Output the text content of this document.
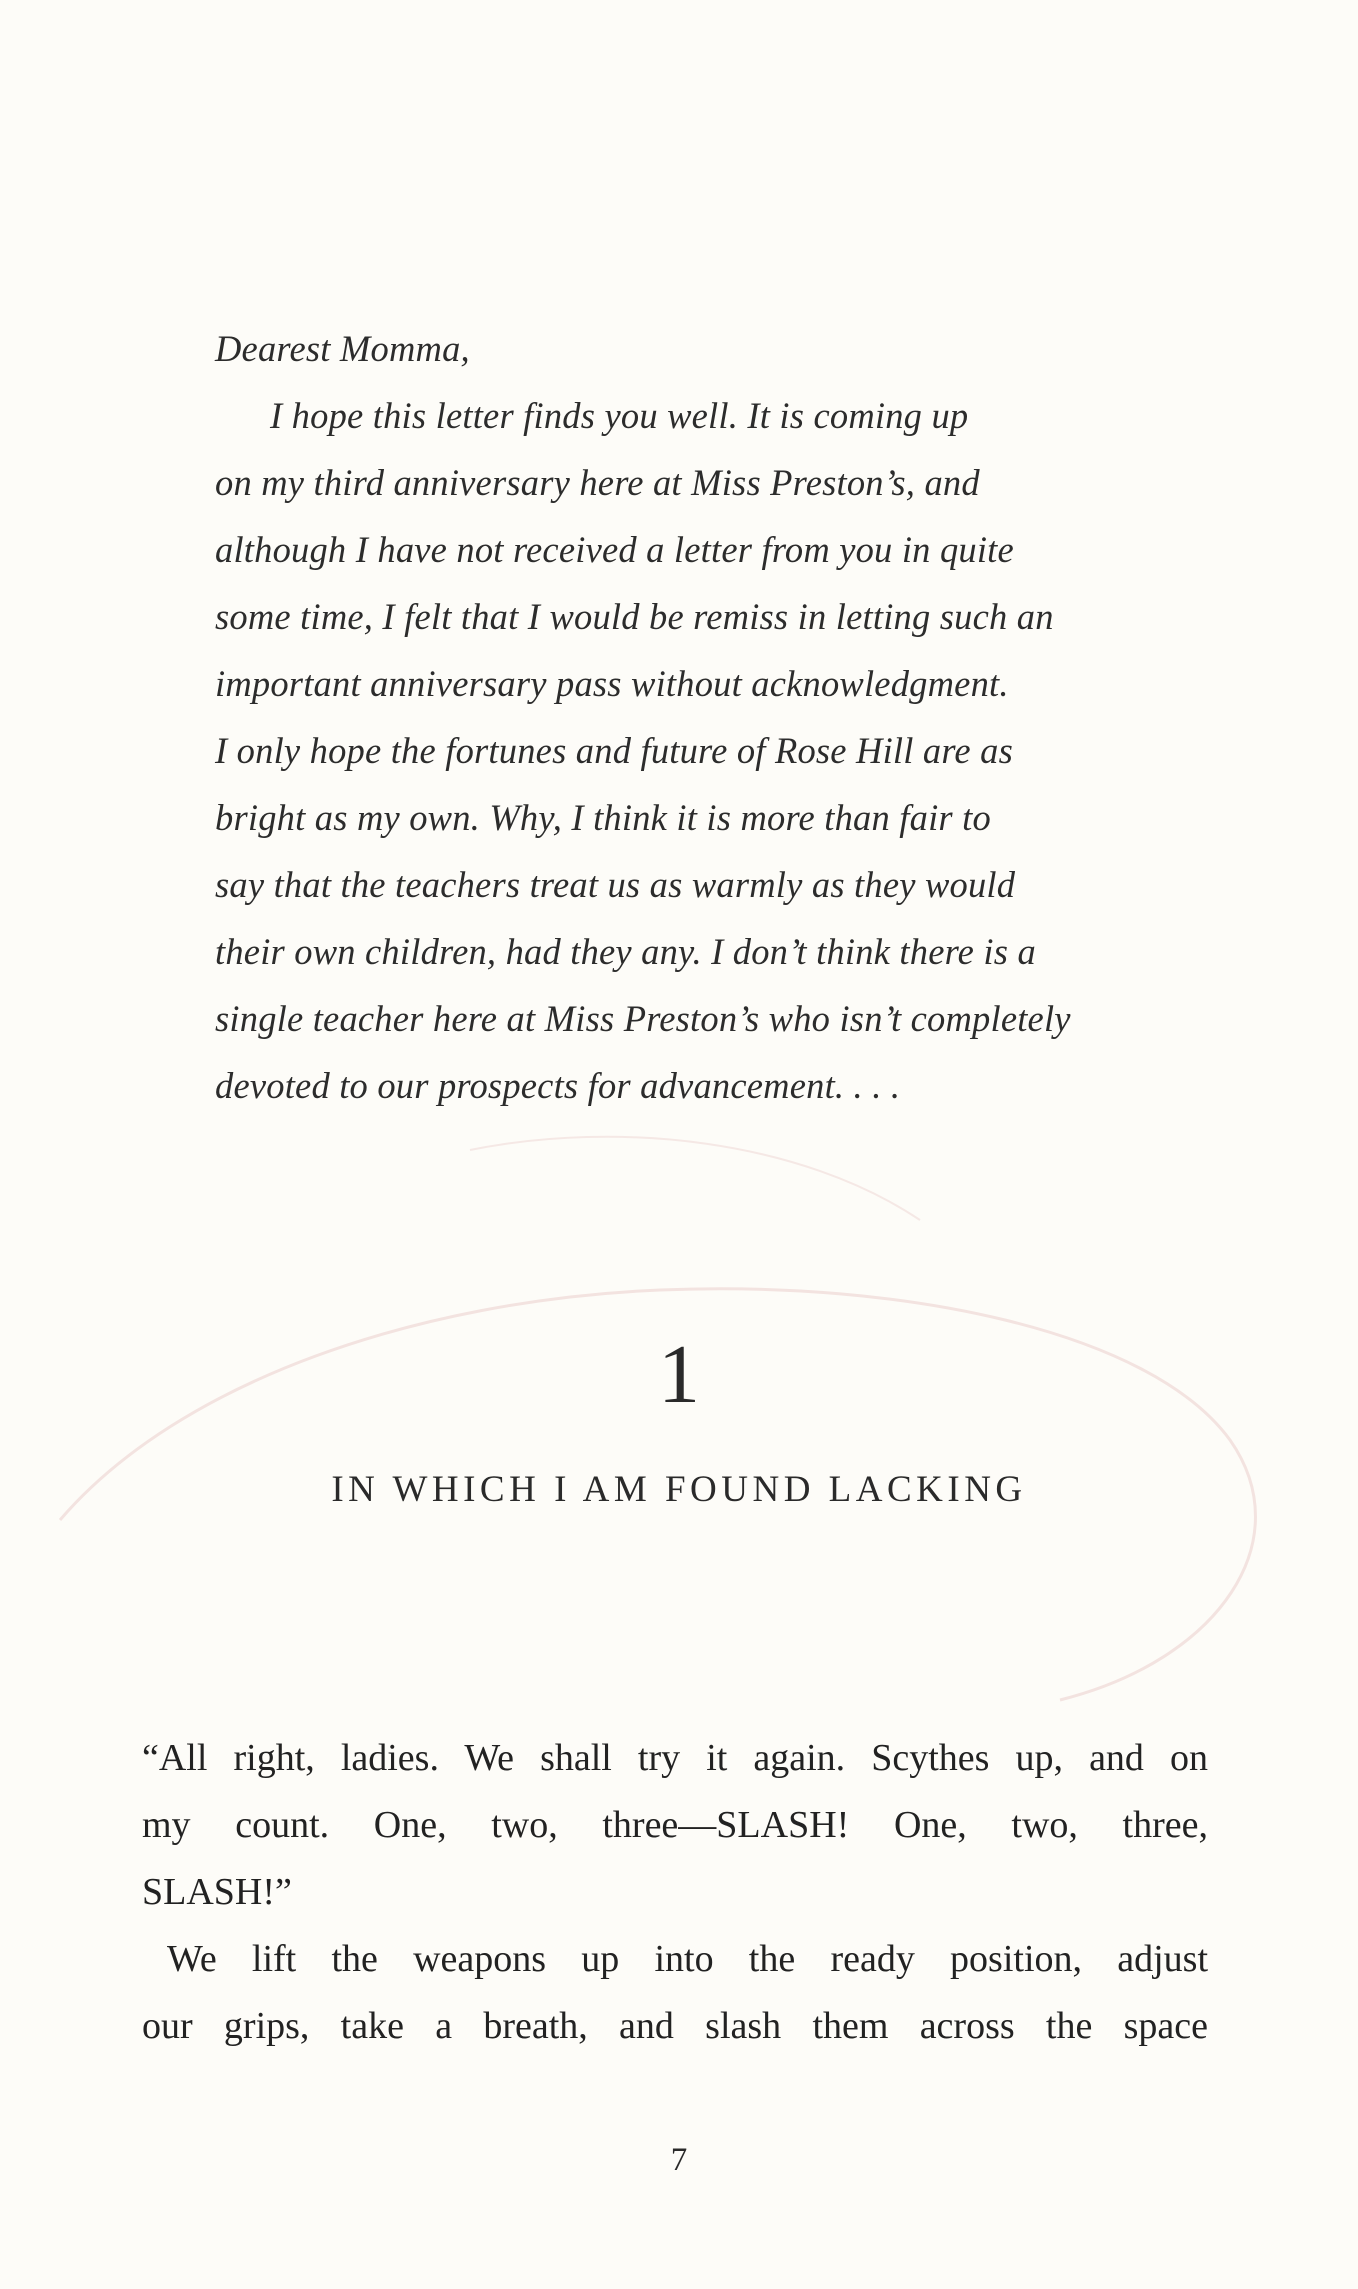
Dearest Momma,
I hope this letter finds you well. It is coming up
on my third anniversary here at Miss Preston’s, and
although I have not received a letter from you in quite
some time, I felt that I would be remiss in letting such an
important anniversary pass without acknowledgment.
I only hope the fortunes and future of Rose Hill are as
bright as my own. Why, I think it is more than fair to
say that the teachers treat us as warmly as they would
their own children, had they any. I don’t think there is a
single teacher here at Miss Preston’s who isn’t completely
devoted to our prospects for advancement. . . .
1
IN WHICH I AM FOUND LACKING
“All right, ladies. We shall try it again. Scythes up, and on
my count. One, two, three—SLASH! One, two, three,
SLASH!”
We lift the weapons up into the ready position, adjust
our grips, take a breath, and slash them across the space
7
